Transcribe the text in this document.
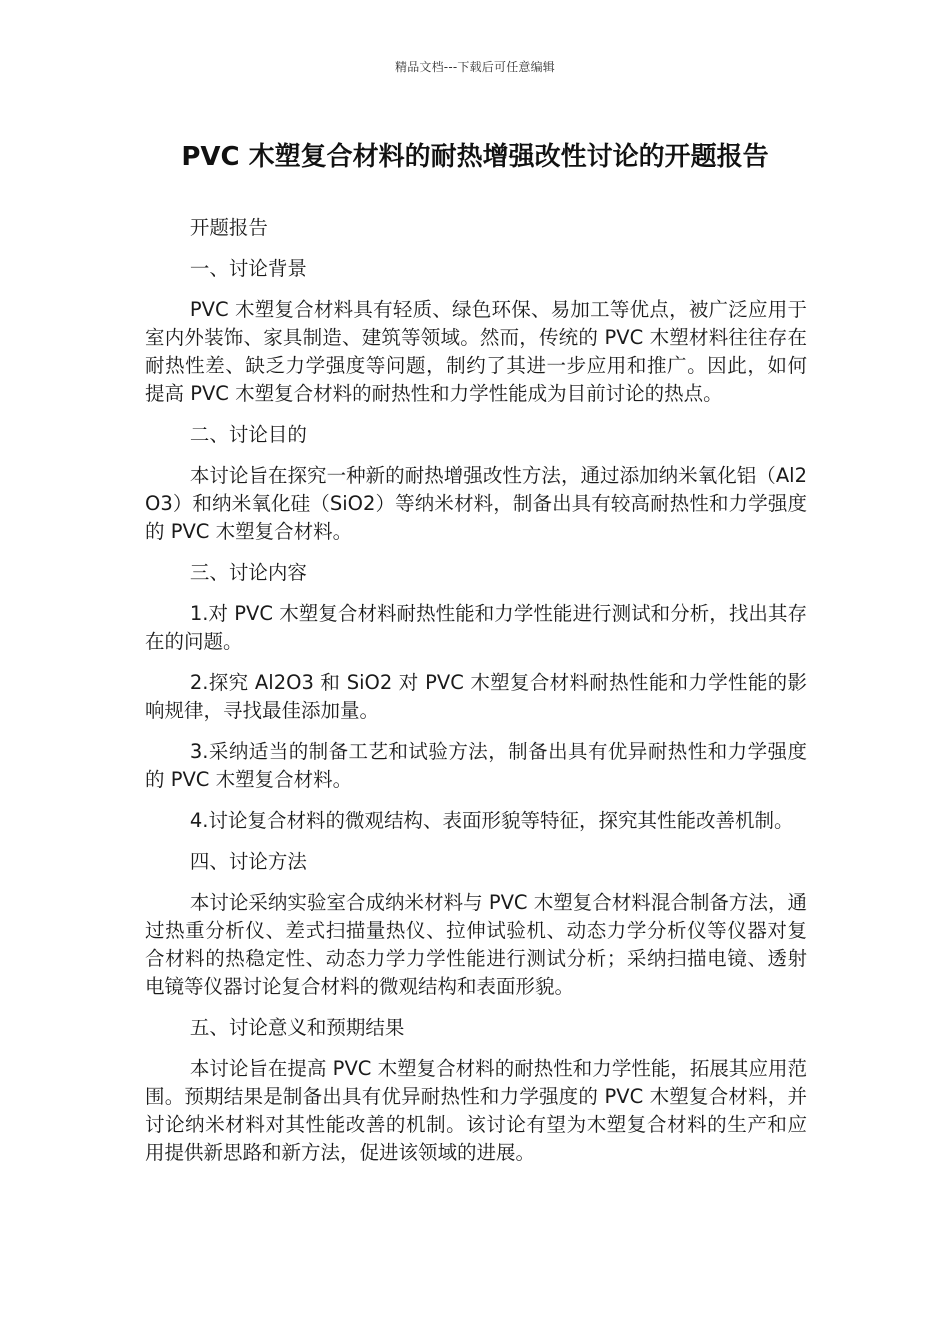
精品文档---下载后可任意编辑
PVC 木塑复合材料的耐热增强改性讨论的开题报告

开题报告

一、讨论背景

PVC 木塑复合材料具有轻质、绿色环保、易加工等优点，被广泛应用于室内外装饰、家具制造、建筑等领域。然而，传统的 PVC 木塑材料往往存在耐热性差、缺乏力学强度等问题，制约了其进一步应用和推广。因此，如何提高 PVC 木塑复合材料的耐热性和力学性能成为目前讨论的热点。

二、讨论目的

本讨论旨在探究一种新的耐热增强改性方法，通过添加纳米氧化铝（Al2O3）和纳米氧化硅（SiO2）等纳米材料，制备出具有较高耐热性和力学强度的 PVC 木塑复合材料。

三、讨论内容

1.对 PVC 木塑复合材料耐热性能和力学性能进行测试和分析，找出其存在的问题。

2.探究 Al2O3 和 SiO2 对 PVC 木塑复合材料耐热性能和力学性能的影响规律，寻找最佳添加量。

3.采纳适当的制备工艺和试验方法，制备出具有优异耐热性和力学强度的 PVC 木塑复合材料。

4.讨论复合材料的微观结构、表面形貌等特征，探究其性能改善机制。

四、讨论方法

本讨论采纳实验室合成纳米材料与 PVC 木塑复合材料混合制备方法，通过热重分析仪、差式扫描量热仪、拉伸试验机、动态力学分析仪等仪器对复合材料的热稳定性、动态力学力学性能进行测试分析；采纳扫描电镜、透射电镜等仪器讨论复合材料的微观结构和表面形貌。

五、讨论意义和预期结果

本讨论旨在提高 PVC 木塑复合材料的耐热性和力学性能，拓展其应用范围。预期结果是制备出具有优异耐热性和力学强度的 PVC 木塑复合材料，并讨论纳米材料对其性能改善的机制。该讨论有望为木塑复合材料的生产和应用提供新思路和新方法，促进该领域的进展。
